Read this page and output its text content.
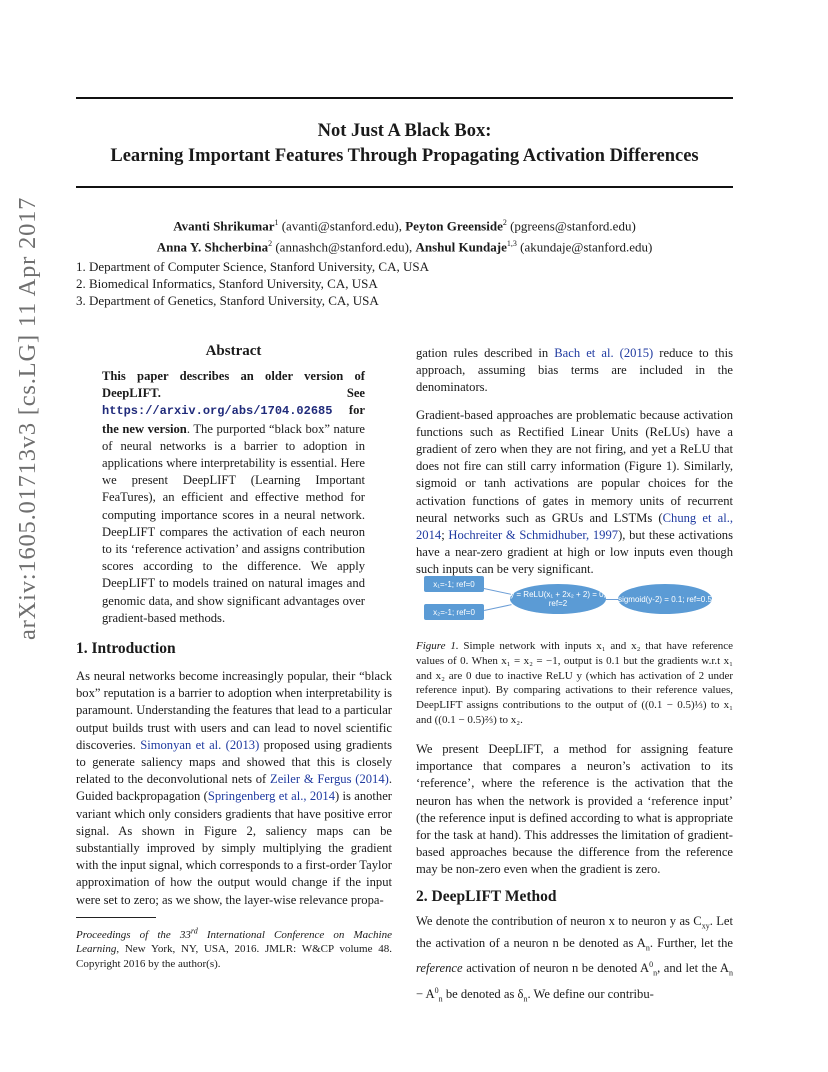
Not Just A Black Box:
Learning Important Features Through Propagating Activation Differences
Avanti Shrikumar$^1$ (avanti@stanford.edu), Peyton Greenside$^2$ (pgreens@stanford.edu)
Anna Y. Shcherbina$^2$ (annashch@stanford.edu), Anshul Kundaje$^{1,3}$ (akundaje@stanford.edu)
1. Department of Computer Science, Stanford University, CA, USA
2. Biomedical Informatics, Stanford University, CA, USA
3. Department of Genetics, Stanford University, CA, USA
arXiv:1605.01713v3 [cs.LG] 11 Apr 2017	Abstract
This paper describes an older version of DeepLIFT. See https://arxiv.org/abs/1704.02685 for the new version. The purported “black box” nature of neural networks is a barrier to adoption in applications where interpretability is essential. Here we present DeepLIFT (Learning Important FeaTures), an efficient and effective method for computing importance scores in a neural network. DeepLIFT compares the activation of each neuron to its ‘reference activation’ and assigns contribution scores according to the difference. We apply DeepLIFT to models trained on natural images and genomic data, and show significant advantages over gradient-based methods.
1. Introduction

As neural networks become increasingly popular, their “black box” reputation is a barrier to adoption when interpretability is paramount. Understanding the features that lead to a particular output builds trust with users and can lead to novel scientific discoveries. Simonyan et al. (2013) proposed using gradients to generate saliency maps and showed that this is closely related to the deconvolutional nets of Zeiler & Fergus (2014). Guided backpropagation (Springenberg et al., 2014) is another variant which only considers gradients that have positive error signal. As shown in Figure 2, saliency maps can be substantially improved by simply multiplying the gradient with the input signal, which corresponds to a first-order Taylor approximation of how the output would change if the input were set to zero; as we show, the layer-wise relevance propa-

Proceedings of the 33rd International Conference on Machine Learning, New York, NY, USA, 2016. JMLR: W&CP volume 48. Copyright 2016 by the author(s).

gation rules described in Bach et al. (2015) reduce to this approach, assuming bias terms are included in the denominators.

Gradient-based approaches are problematic because activation functions such as Rectified Linear Units (ReLUs) have a gradient of zero when they are not firing, and yet a ReLU that does not fire can still carry information (Figure 1). Similarly, sigmoid or tanh activations are popular choices for the activation functions of gates in memory units of recurrent neural networks such as GRUs and LSTMs (Chung et al., 2014; Hochreiter & Schmidhuber, 1997), but these activations have a near-zero gradient at high or low inputs even though such inputs can be very significant.

x₁=-1; ref=0
x₂=-1; ref=0
y = ReLU(x₁ + 2x₂ + 2) = 0; ref=2	sigmoid(y-2) = 0.1; ref=0.5
Figure 1. Simple network with inputs x₁ and x₂ that have reference values of 0. When x₁ = x₂ = −1, output is 0.1 but the gradients w.r.t x₁ and x₂ are 0 due to inactive ReLU y (which has activation of 2 under reference input). By comparing activations to their reference values, DeepLIFT assigns contributions to the output of ((0.1 − 0.5)⅓) to x₁ and ((0.1 − 0.5)⅔) to x₂.

We present DeepLIFT, a method for assigning feature importance that compares a neuron’s activation to its ‘reference’, where the reference is the activation that the neuron has when the network is provided a ‘reference input’ (the reference input is defined according to what is appropriate for the task at hand). This addresses the limitation of gradient-based approaches because the difference from the reference may be non-zero even when the gradient is zero.

2. DeepLIFT Method

We denote the contribution of neuron x to neuron y as $C_{xy}$. Let the activation of a neuron n be denoted as $A_n$. Further, let the reference activation of neuron n be denoted $A^0_n$, and let the $A_n - A^0_n$ be denoted as $\delta_n$. We define our contribu-
